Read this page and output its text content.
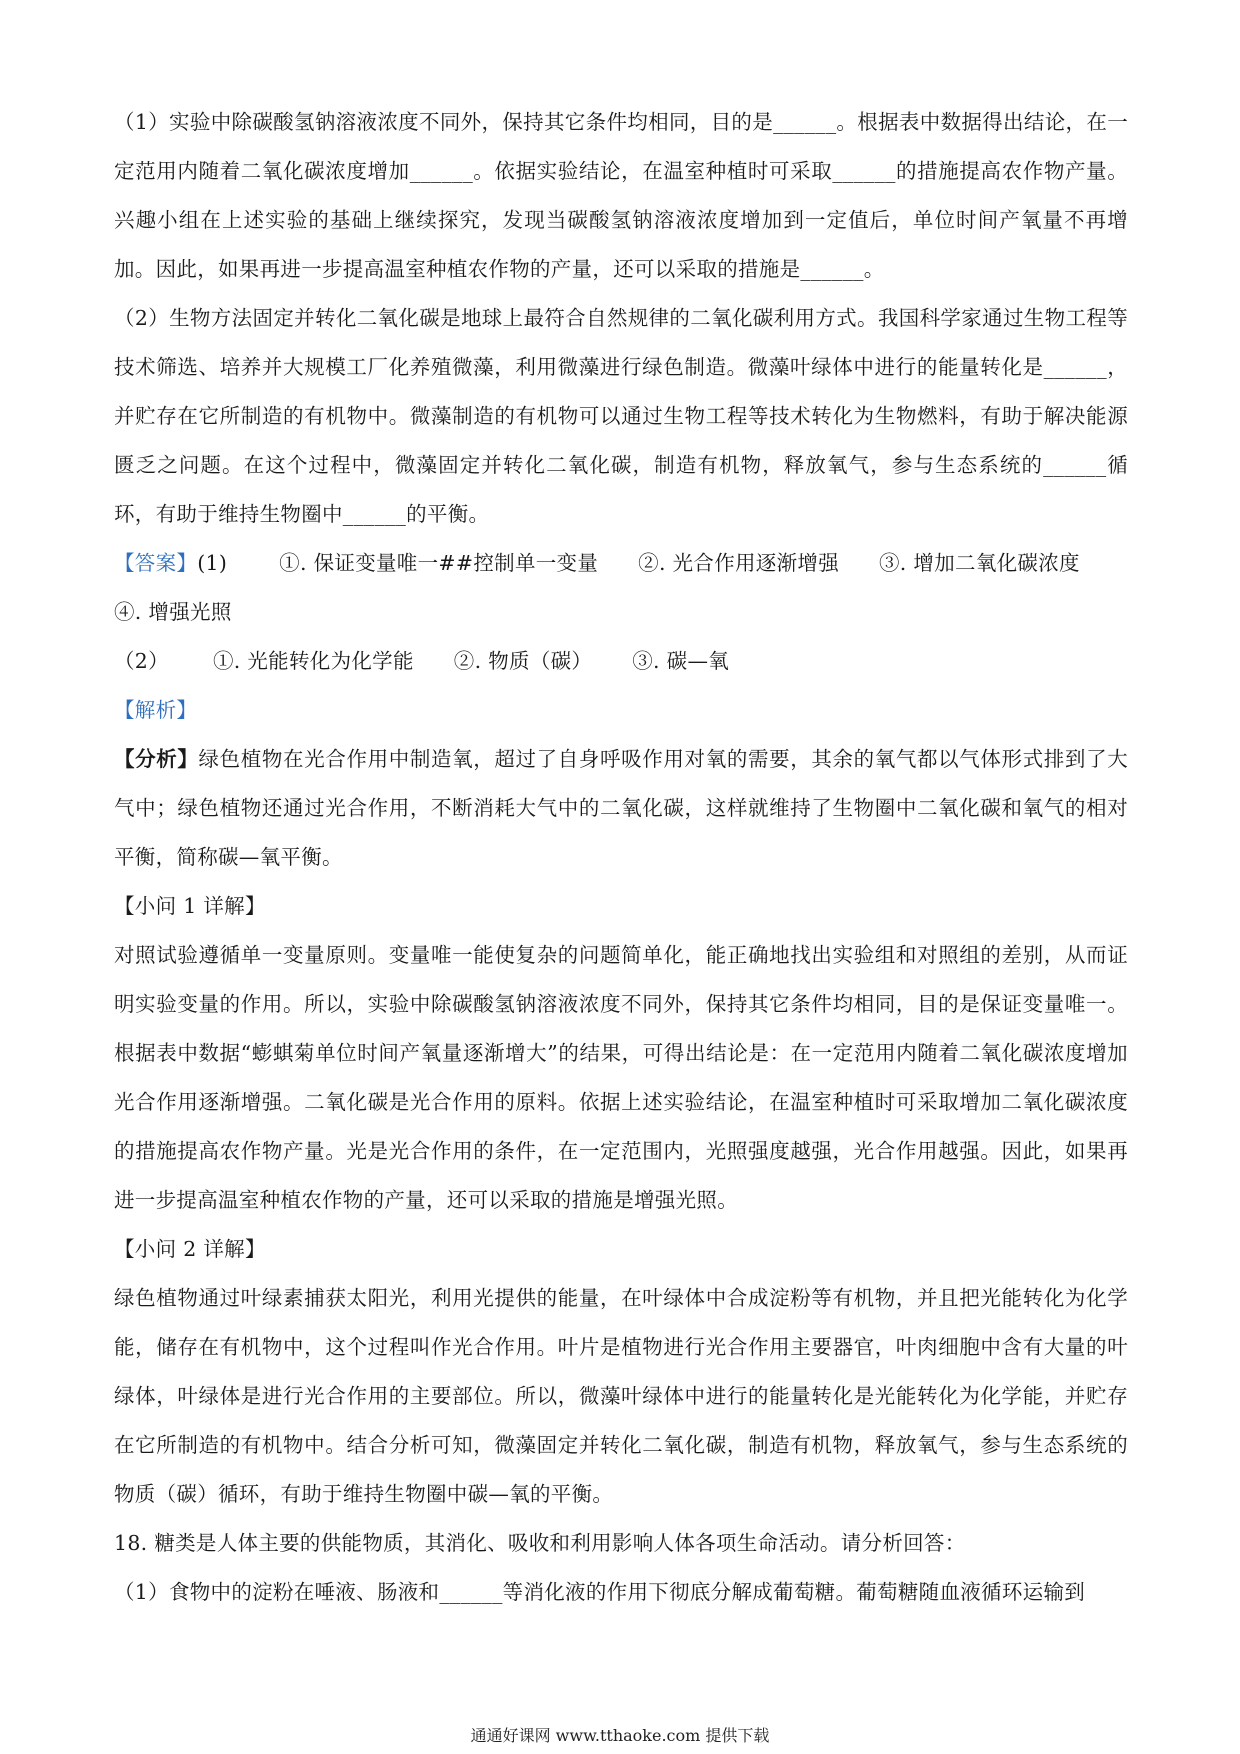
（1）实验中除碳酸氢钠溶液浓度不同外，保持其它条件均相同，目的是______。根据表中数据得出结论，在一定范用内随着二氧化碳浓度增加______。依据实验结论，在温室种植时可采取______的措施提高农作物产量。兴趣小组在上述实验的基础上继续探究，发现当碳酸氢钠溶液浓度增加到一定值后，单位时间产氧量不再增加。因此，如果再进一步提高温室种植农作物的产量，还可以采取的措施是______。

（2）生物方法固定并转化二氧化碳是地球上最符合自然规律的二氧化碳利用方式。我国科学家通过生物工程等技术筛选、培养并大规模工厂化养殖微藻，利用微藻进行绿色制造。微藻叶绿体中进行的能量转化是______，并贮存在它所制造的有机物中。微藻制造的有机物可以通过生物工程等技术转化为生物燃料，有助于解决能源匮乏之问题。在这个过程中，微藻固定并转化二氧化碳，制造有机物，释放氧气，参与生态系统的______循环，有助于维持生物圈中______的平衡。

【答案】 (1)	①. 保证变量唯一##控制单一变量 ②. 光合作用逐渐增强 ③. 增加二氧化碳浓度

④. 增强光照

（2） ①. 光能转化为化学能 ②. 物质（碳） ③. 碳—氧

【解析】

【分析】绿色植物在光合作用中制造氧，超过了自身呼吸作用对氧的需要，其余的氧气都以气体形式排到了大气中；绿色植物还通过光合作用，不断消耗大气中的二氧化碳，这样就维持了生物圈中二氧化碳和氧气的相对平衡，简称碳—氧平衡。

【小问 1 详解】

对照试验遵循单一变量原则。变量唯一能使复杂的问题简单化，能正确地找出实验组和对照组的差别，从而证明实验变量的作用。所以，实验中除碳酸氢钠溶液浓度不同外，保持其它条件均相同，目的是保证变量唯一。根据表中数据“蟛蜞菊单位时间产氧量逐渐增大”的结果，可得出结论是：在一定范用内随着二氧化碳浓度增加光合作用逐渐增强。二氧化碳是光合作用的原料。依据上述实验结论，在温室种植时可采取增加二氧化碳浓度的措施提高农作物产量。光是光合作用的条件，在一定范围内，光照强度越强，光合作用越强。因此，如果再进一步提高温室种植农作物的产量，还可以采取的措施是增强光照。

【小问 2 详解】

绿色植物通过叶绿素捕获太阳光，利用光提供的能量，在叶绿体中合成淀粉等有机物，并且把光能转化为化学能，储存在有机物中，这个过程叫作光合作用。叶片是植物进行光合作用主要器官，叶肉细胞中含有大量的叶绿体，叶绿体是进行光合作用的主要部位。所以，微藻叶绿体中进行的能量转化是光能转化为化学能，并贮存在它所制造的有机物中。结合分析可知，微藻固定并转化二氧化碳，制造有机物，释放氧气，参与生态系统的物质（碳）循环，有助于维持生物圈中碳—氧的平衡。

18. 糖类是人体主要的供能物质，其消化、吸收和利用影响人体各项生命活动。请分析回答：

（1）食物中的淀粉在唾液、肠液和______等消化液的作用下彻底分解成葡萄糖。葡萄糖随血液循环运输到

通通好课网 www.tthaoke.com 提供下载
